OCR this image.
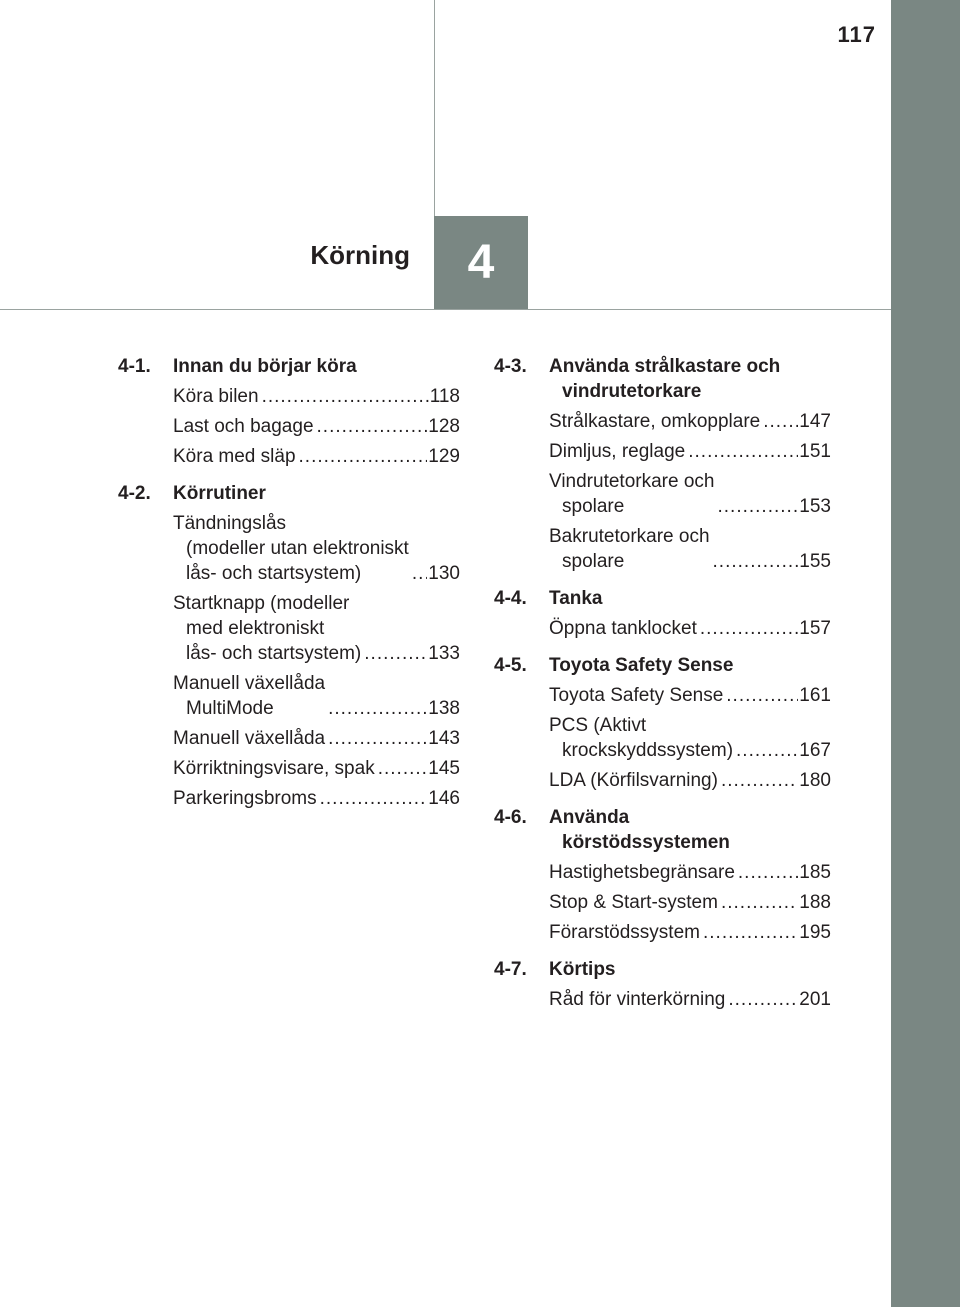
117
4
Körning
4-1.	Innan du börjar köra
Köra bilen .....	118
Last och bagage .....	128
Köra med släp .....	129
4-2.	Körrutiner
Tändningslås
(modeller utan elektroniskt
lås- och startsystem) .....	130
Startknapp (modeller
med elektroniskt
lås- och startsystem) .....	133
Manuell växellåda
MultiMode .....	138
Manuell växellåda .....	143
Körriktningsvisare, spak .....	145
Parkeringsbroms .....	146
4-3.	Använda strålkastare och
vindrutetorkare
Strålkastare, omkopplare ..... 147
Dimljus, reglage .....	151
Vindrutetorkare och
spolare .....	153
Bakrutetorkare och
spolare .....	155
4-4.	Tanka
Öppna tanklocket .....	157
4-5.	Toyota Safety Sense
Toyota Safety Sense .....	161
PCS (Aktivt
krockskyddssystem) .....	167
LDA (Körfilsvarning) .....	180
4-6.	Använda
körstödssystemen
Hastighetsbegränsare .....	185
Stop & Start-system .....	188
Förarstödssystem .....	195
4-7.	Körtips
Råd för vinterkörning .....	201
